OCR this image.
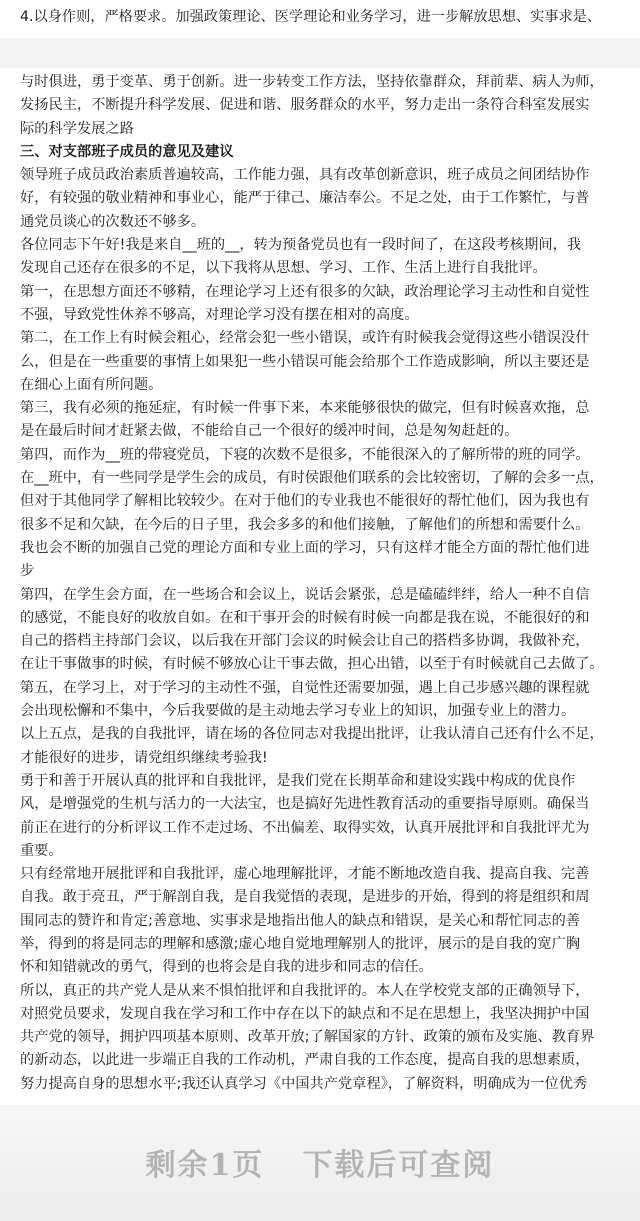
4.以身作则，严格要求。加强政策理论、医学理论和业务学习，进一步解放思想、实事求是、
与时俱进，勇于变革、勇于创新。进一步转变工作方法，坚持依靠群众，拜前辈、病人为师，
发扬民主，不断提升科学发展、促进和谐、服务群众的水平，努力走出一条符合科室发展实
际的科学发展之路
三、对支部班子成员的意见及建议
领导班子成员政治素质普遍较高，工作能力强，具有改革创新意识，班子成员之间团结协作
好，有较强的敬业精神和事业心，能严于律己、廉洁奉公。不足之处，由于工作繁忙，与普
通党员谈心的次数还不够多。
各位同志下午好!我是来自__班的__，转为预备党员也有一段时间了，在这段考核期间，我
发现自己还存在很多的不足，以下我将从思想、学习、工作、生活上进行自我批评。
第一，在思想方面还不够精，在理论学习上还有很多的欠缺，政治理论学习主动性和自觉性
不强，导致党性休养不够高，对理论学习没有摆在相对的高度。
第二，在工作上有时候会粗心，经常会犯一些小错误，或许有时候我会觉得这些小错误没什
么，但是在一些重要的事情上如果犯一些小错误可能会给那个工作造成影响，所以主要还是
在细心上面有所问题。
第三，我有必须的拖延症，有时候一件事下来，本来能够很快的做完，但有时候喜欢拖，总
是在最后时间才赶紧去做，不能给自己一个很好的缓冲时间，总是匆匆赶赶的。
第四，而作为__班的带寝党员，下寝的次数不是很多，不能很深入的了解所带的班的同学。
在__班中，有一些同学是学生会的成员，有时侯跟他们联系的会比较密切，了解的会多一点，
但对于其他同学了解相比较较少。在对于他们的专业我也不能很好的帮忙他们，因为我也有
很多不足和欠缺，在今后的日子里，我会多多的和他们接触，了解他们的所想和需要什么。
我也会不断的加强自己党的理论方面和专业上面的学习，只有这样才能全方面的帮忙他们进
步
第四，在学生会方面，在一些场合和会议上，说话会紧张，总是磕磕绊绊，给人一种不自信
的感觉，不能良好的收放自如。在和干事开会的时候有时候一向都是我在说，不能很好的和
自己的搭档主持部门会议，以后我在开部门会议的时候会让自己的搭档多协调，我做补充，
在让干事做事的时候，有时候不够放心让干事去做，担心出错，以至于有时候就自己去做了。
第五，在学习上，对于学习的主动性不强，自觉性还需要加强，遇上自己步感兴趣的课程就
会出现松懈和不集中，今后我要做的是主动地去学习专业上的知识，加强专业上的潜力。
以上五点，是我的自我批评，请在场的各位同志对我提出批评，让我认清自己还有什么不足，
才能很好的进步，请党组织继续考验我!
勇于和善于开展认真的批评和自我批评，是我们党在长期革命和建设实践中构成的优良作
风，是增强党的生机与活力的一大法宝，也是搞好先进性教育活动的重要指导原则。确保当
前正在进行的分析评议工作不走过场、不出偏差、取得实效，认真开展批评和自我批评尤为
重要。
只有经常地开展批评和自我批评，虚心地理解批评，才能不断地改造自我、提高自我、完善
自我。敢于亮丑，严于解剖自我，是自我觉悟的表现，是进步的开始，得到的将是组织和周
围同志的赞许和肯定;善意地、实事求是地指出他人的缺点和错误，是关心和帮忙同志的善
举，得到的将是同志的理解和感激;虚心地自觉地理解别人的批评，展示的是自我的宽广胸
怀和知错就改的勇气，得到的也将会是自我的进步和同志的信任。
所以，真正的共产党人是从来不惧怕批评和自我批评的。本人在学校党支部的正确领导下，
对照党员要求，发现自我在学习和工作中存在以下的缺点和不足在思想上，我坚决拥护中国
共产党的领导，拥护四项基本原则、改革开放;了解国家的方针、政策的颁布及实施、教育界
的新动态，以此进一步端正自我的工作动机，严肃自我的工作态度，提高自我的思想素质，
努力提高自身的思想水平;我还认真学习《中国共产党章程》，了解资料，明确成为一位优秀
剩余1页 下载后可查阅
